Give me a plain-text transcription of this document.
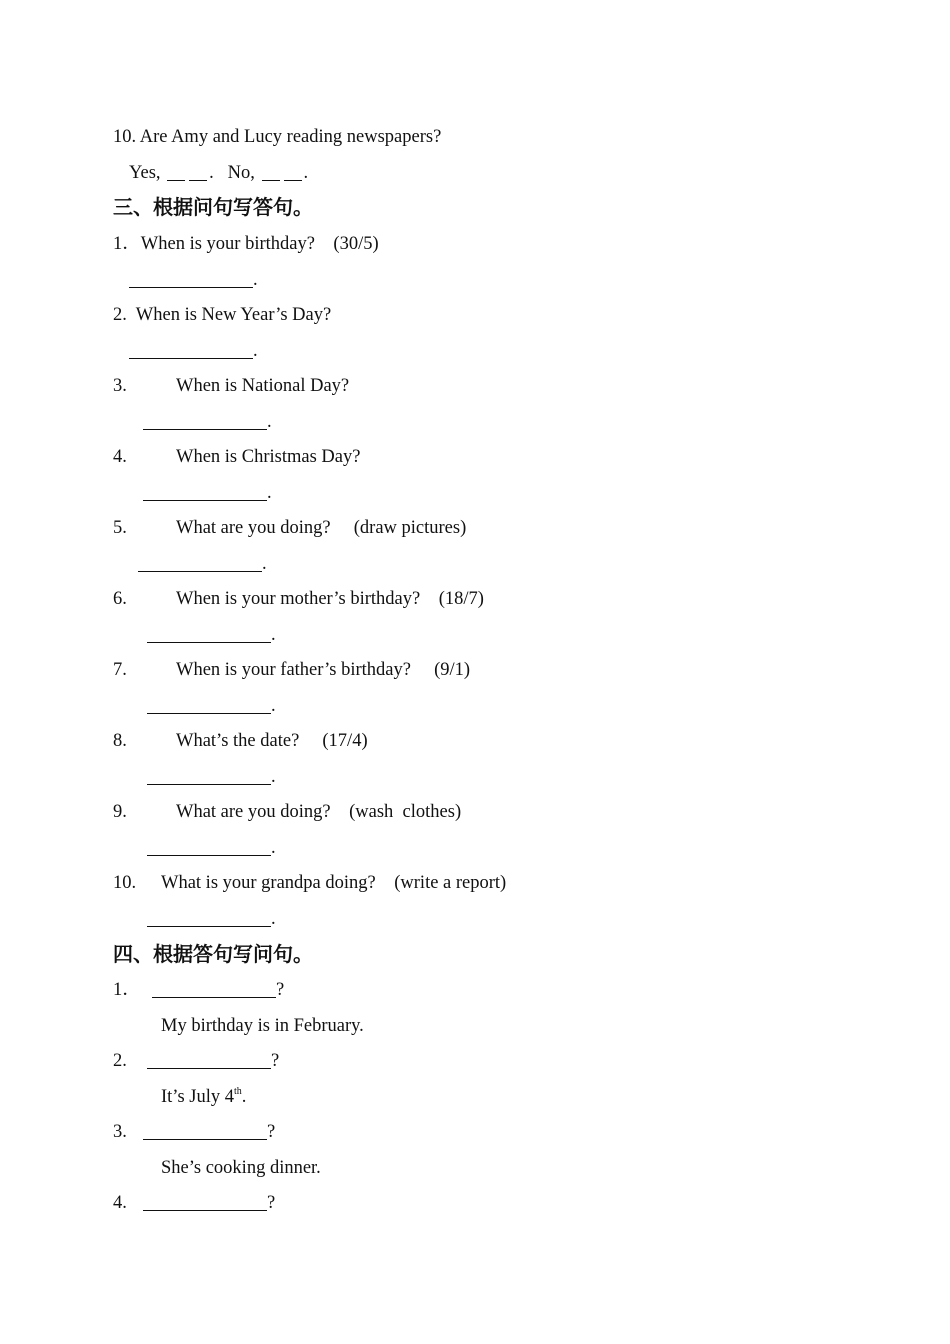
10. Are Amy and Lucy reading newspapers?
Yes,	.   No,	.
三、根据问句写答句。
1．When is your birthday?    (30/5)
.
2. When is New Year’s Day?
.
3.	When is National Day?
.
4.	When is Christmas Day?
.
5.	What are you doing?     (draw pictures)
.
6.	When is your mother’s birthday?    (18/7)
.
7.	When is your father’s birthday?     (9/1)
.
8.	What’s the date?     (17/4)
.
9.	What are you doing?    (wash  clothes)
.
10. What is your grandpa doing?    (write a report)
.
四、根据答句写问句。
1．	?
My birthday is in February.
2.	?
It’s July 4th.
3.	?
She’s cooking dinner.
4.	?
